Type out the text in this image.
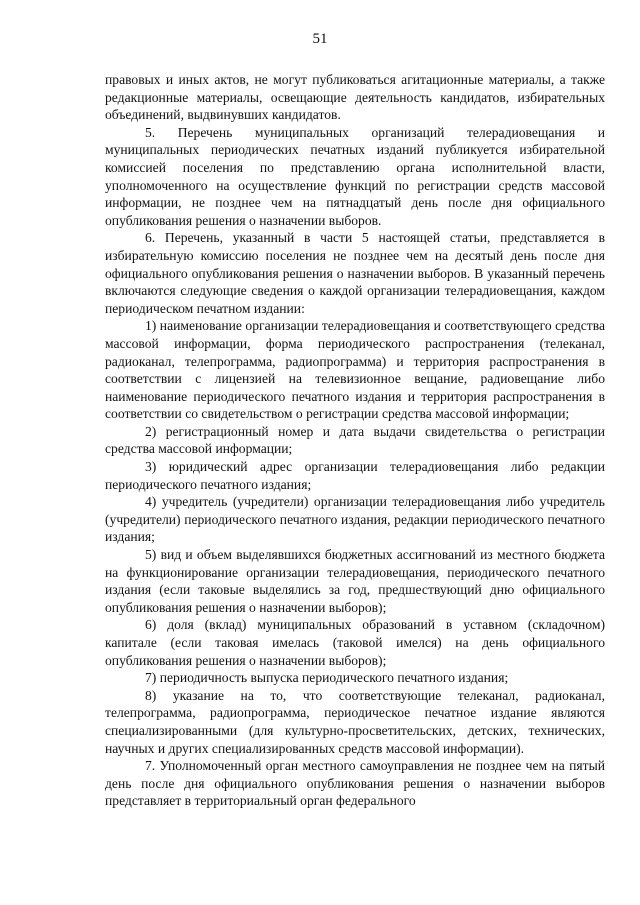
51

правовых и иных актов, не могут публиковаться агитационные материалы, а также редакционные материалы, освещающие деятельность кандидатов, избирательных объединений, выдвинувших кандидатов.

5. Перечень муниципальных организаций телерадиовещания и муниципальных периодических печатных изданий публикуется избирательной комиссией поселения по представлению органа исполнительной власти, уполномоченного на осуществление функций по регистрации средств массовой информации, не позднее чем на пятнадцатый день после дня официального опубликования решения о назначении выборов.

6. Перечень, указанный в части 5 настоящей статьи, представляется в избирательную комиссию поселения не позднее чем на десятый день после дня официального опубликования решения о назначении выборов. В указанный перечень включаются следующие сведения о каждой организации телерадиовещания, каждом периодическом печатном издании:

1) наименование организации телерадиовещания и соответствующего средства массовой информации, форма периодического распространения (телеканал, радиоканал, телепрограмма, радиопрограмма) и территория распространения в соответствии с лицензией на телевизионное вещание, радиовещание либо наименование периодического печатного издания и территория распространения в соответствии со свидетельством о регистрации средства массовой информации;

2) регистрационный номер и дата выдачи свидетельства о регистрации средства массовой информации;

3) юридический адрес организации телерадиовещания либо редакции периодического печатного издания;

4) учредитель (учредители) организации телерадиовещания либо учредитель (учредители) периодического печатного издания, редакции периодического печатного издания;

5) вид и объем выделявшихся бюджетных ассигнований из местного бюджета на функционирование организации телерадиовещания, периодического печатного издания (если таковые выделялись за год, предшествующий дню официального опубликования решения о назначении выборов);

6) доля (вклад) муниципальных образований в уставном (складочном) капитале (если таковая имелась (таковой имелся) на день официального опубликования решения о назначении выборов);

7) периодичность выпуска периодического печатного издания;

8) указание на то, что соответствующие телеканал, радиоканал, телепрограмма, радиопрограмма, периодическое печатное издание являются специализированными (для культурно-просветительских, детских, технических, научных и других специализированных средств массовой информации).

7. Уполномоченный орган местного самоуправления не позднее чем на пятый день после дня официального опубликования решения о назначении выборов представляет в территориальный орган федерального
